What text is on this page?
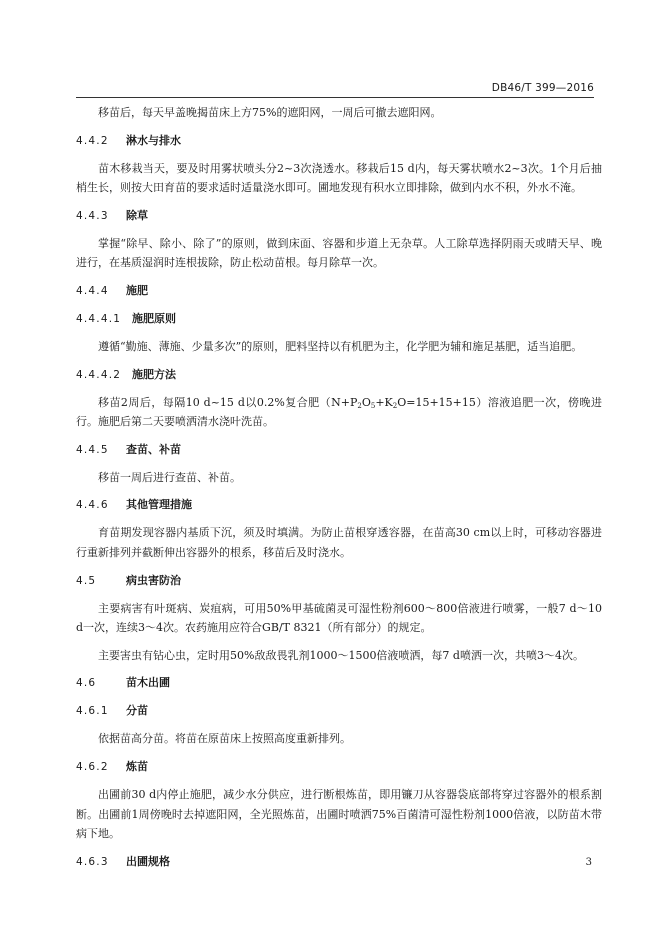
DB46/T 399—2016

移苗后，每天早盖晚揭苗床上方75%的遮阳网，一周后可撤去遮阳网。

4.4.2	淋水与排水

苗木移栽当天，要及时用雾状喷头分2~3次浇透水。移栽后15 d内，每天雾状喷水2~3次。1个月后抽梢生长，则按大田育苗的要求适时适量浇水即可。圃地发现有积水立即排除，做到内水不积，外水不淹。

4.4.3	除草

掌握“除早、除小、除了”的原则，做到床面、容器和步道上无杂草。人工除草选择阴雨天或晴天早、晚进行，在基质湿润时连根拔除，防止松动苗根。每月除草一次。

4.4.4	施肥
4.4.4.1 施肥原则

遵循“勤施、薄施、少量多次”的原则，肥料坚持以有机肥为主，化学肥为辅和施足基肥，适当追肥。

4.4.4.2 施肥方法

移苗2周后，每隔10 d~15 d以0.2%复合肥$(N+P_2O_5+K_2O=15+15+15)$溶液追肥一次，傍晚进行。施肥后第二天要喷洒清水浇叶洗苗。

4.4.5	查苗、补苗

移苗一周后进行查苗、补苗。

4.4.6	其他管理措施

育苗期发现容器内基质下沉，须及时填满。为防止苗根穿透容器，在苗高30 cm以上时，可移动容器进行重新排列并截断伸出容器外的根系，移苗后及时浇水。

4.5	病虫害防治

主要病害有叶斑病、炭疽病，可用50%甲基硫菌灵可湿性粉剂600～800倍液进行喷雾，一般7 d～10 d一次，连续3～4次。农药施用应符合GB/T 8321（所有部分）的规定。

主要害虫有钻心虫，定时用50%敌敌畏乳剂1000～1500倍液喷洒，每7 d喷洒一次，共喷3～4次。

4.6	苗木出圃
4.6.1	分苗

依据苗高分苗。将苗在原苗床上按照高度重新排列。

4.6.2	炼苗

出圃前30 d内停止施肥，减少水分供应，进行断根炼苗，即用镰刀从容器袋底部将穿过容器外的根系割断。出圃前1周傍晚时去掉遮阳网，全光照炼苗，出圃时喷洒75%百菌清可湿性粉剂1000倍液，以防苗木带病下地。

4.6.3	出圃规格	3
